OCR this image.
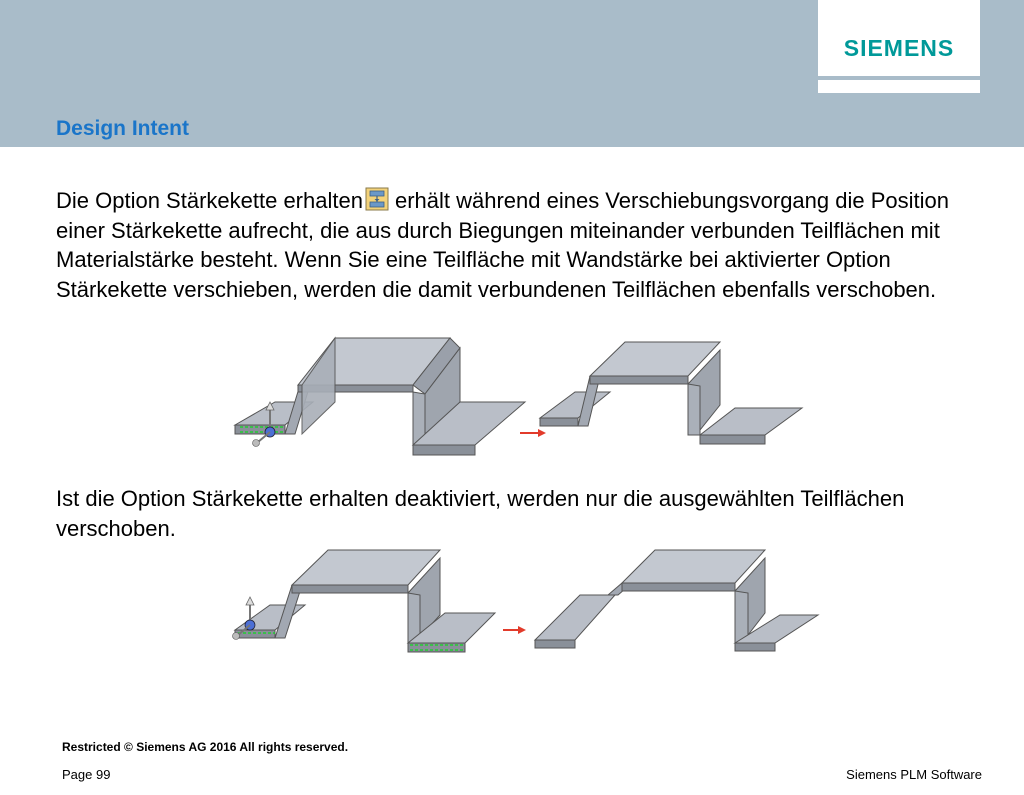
SIEMENS
Design Intent

Die Option Stärkekette erhalten erhält während eines Verschiebungsvorgang die Position einer Stärkekette aufrecht, die aus durch Biegungen miteinander verbunden Teilflächen mit Materialstärke besteht. Wenn Sie eine Teilfläche mit Wandstärke bei aktivierter Option Stärkekette verschieben, werden die damit verbundenen Teilflächen ebenfalls verschoben.

Ist die Option Stärkekette erhalten deaktiviert, werden nur die ausgewählten Teilflächen verschoben.

Restricted © Siemens AG 2016 All rights reserved.
Page 99	Siemens PLM Software
